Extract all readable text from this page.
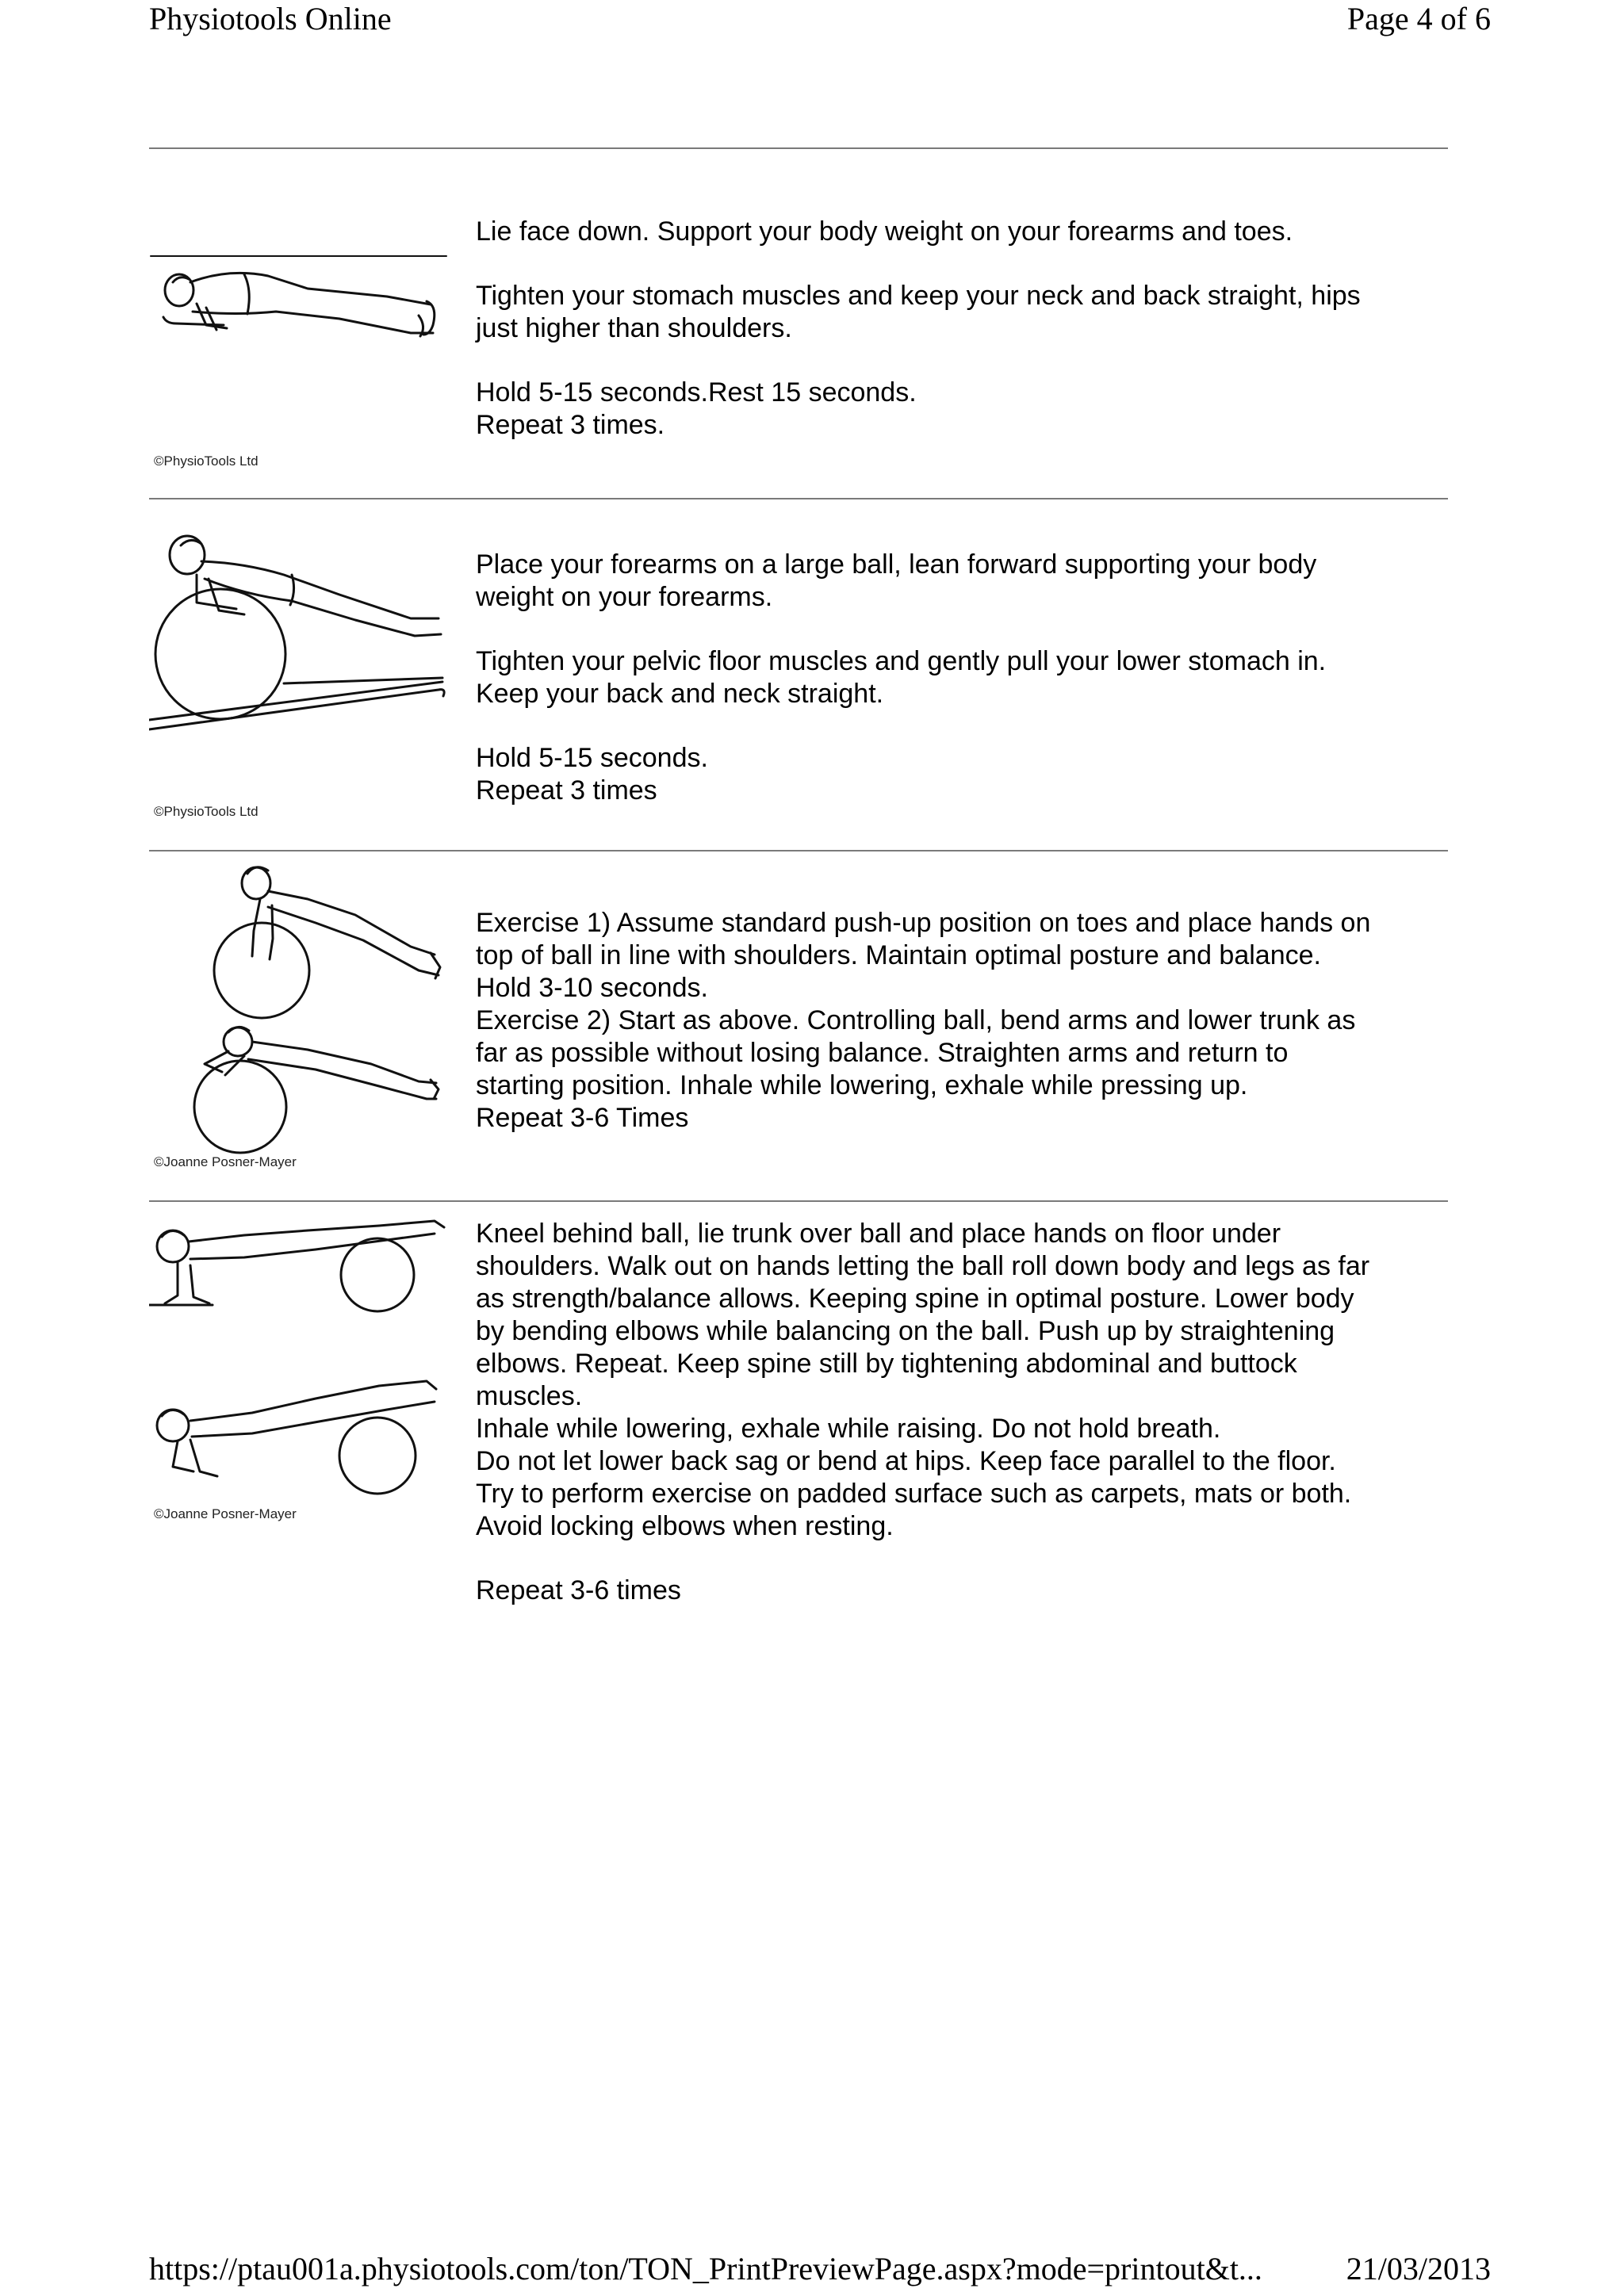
Physiotools Online	Page 4 of 6
©PhysioTools Ltd

Lie face down. Support your body weight on your forearms and toes.

Tighten your stomach muscles and keep your neck and back straight, hips
just higher than shoulders.

Hold 5-15 seconds.Rest 15 seconds.
Repeat 3 times.

©PhysioTools Ltd

Place your forearms on a large ball, lean forward supporting your body
weight on your forearms.

Tighten your pelvic floor muscles and gently pull your lower stomach in.
Keep your back and neck straight.

Hold 5-15 seconds.
Repeat 3 times

©Joanne Posner-Mayer

Exercise 1) Assume standard push-up position on toes and place hands on
top of ball in line with shoulders. Maintain optimal posture and balance.
Hold 3-10 seconds.
Exercise 2) Start as above. Controlling ball, bend arms and lower trunk as
far as possible without losing balance. Straighten arms and return to
starting position. Inhale while lowering, exhale while pressing up.
Repeat 3-6 Times

©Joanne Posner-Mayer

Kneel behind ball, lie trunk over ball and place hands on floor under
shoulders. Walk out on hands letting the ball roll down body and legs as far
as strength/balance allows. Keeping spine in optimal posture. Lower body
by bending elbows while balancing on the ball. Push up by straightening
elbows. Repeat. Keep spine still by tightening abdominal and buttock
muscles.
Inhale while lowering, exhale while raising. Do not hold breath.
Do not let lower back sag or bend at hips. Keep face parallel to the floor.
Try to perform exercise on padded surface such as carpets, mats or both.
Avoid locking elbows when resting.

Repeat 3-6 times

https://ptau001a.physiotools.com/ton/TON_PrintPreviewPage.aspx?mode=printout&t...	21/03/2013
